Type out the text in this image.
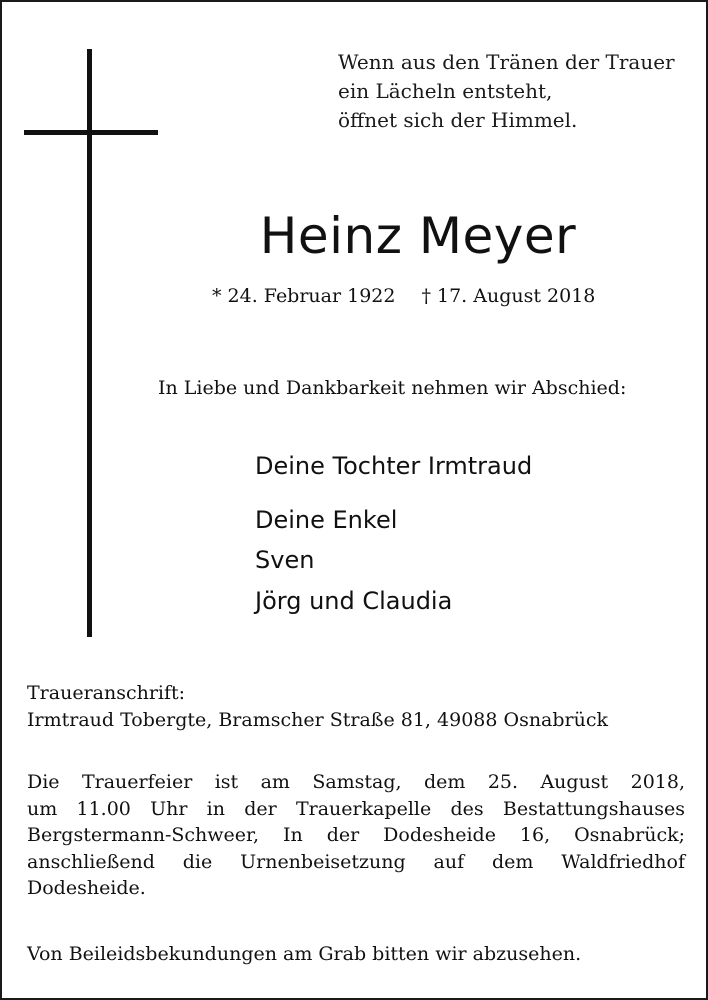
Wenn aus den Tränen der Trauer
ein Lächeln entsteht,
öffnet sich der Himmel.
Heinz Meyer
* 24. Februar 1922 † 17. August 2018
In Liebe und Dankbarkeit nehmen wir Abschied:
Deine Tochter Irmtraud
Deine Enkel
Sven
Jörg und Claudia
Traueranschrift:
Irmtraud Tobergte, Bramscher Straße 81, 49088 Osnabrück
Die Trauerfeier ist am Samstag, dem 25. August 2018,
um 11.00 Uhr in der Trauerkapelle des Bestattungshauses
Bergstermann-Schweer, In der Dodesheide 16, Osnabrück;
anschließend die Urnenbeisetzung auf dem Waldfriedhof
Dodesheide.
Von Beileidsbekundungen am Grab bitten wir abzusehen.
